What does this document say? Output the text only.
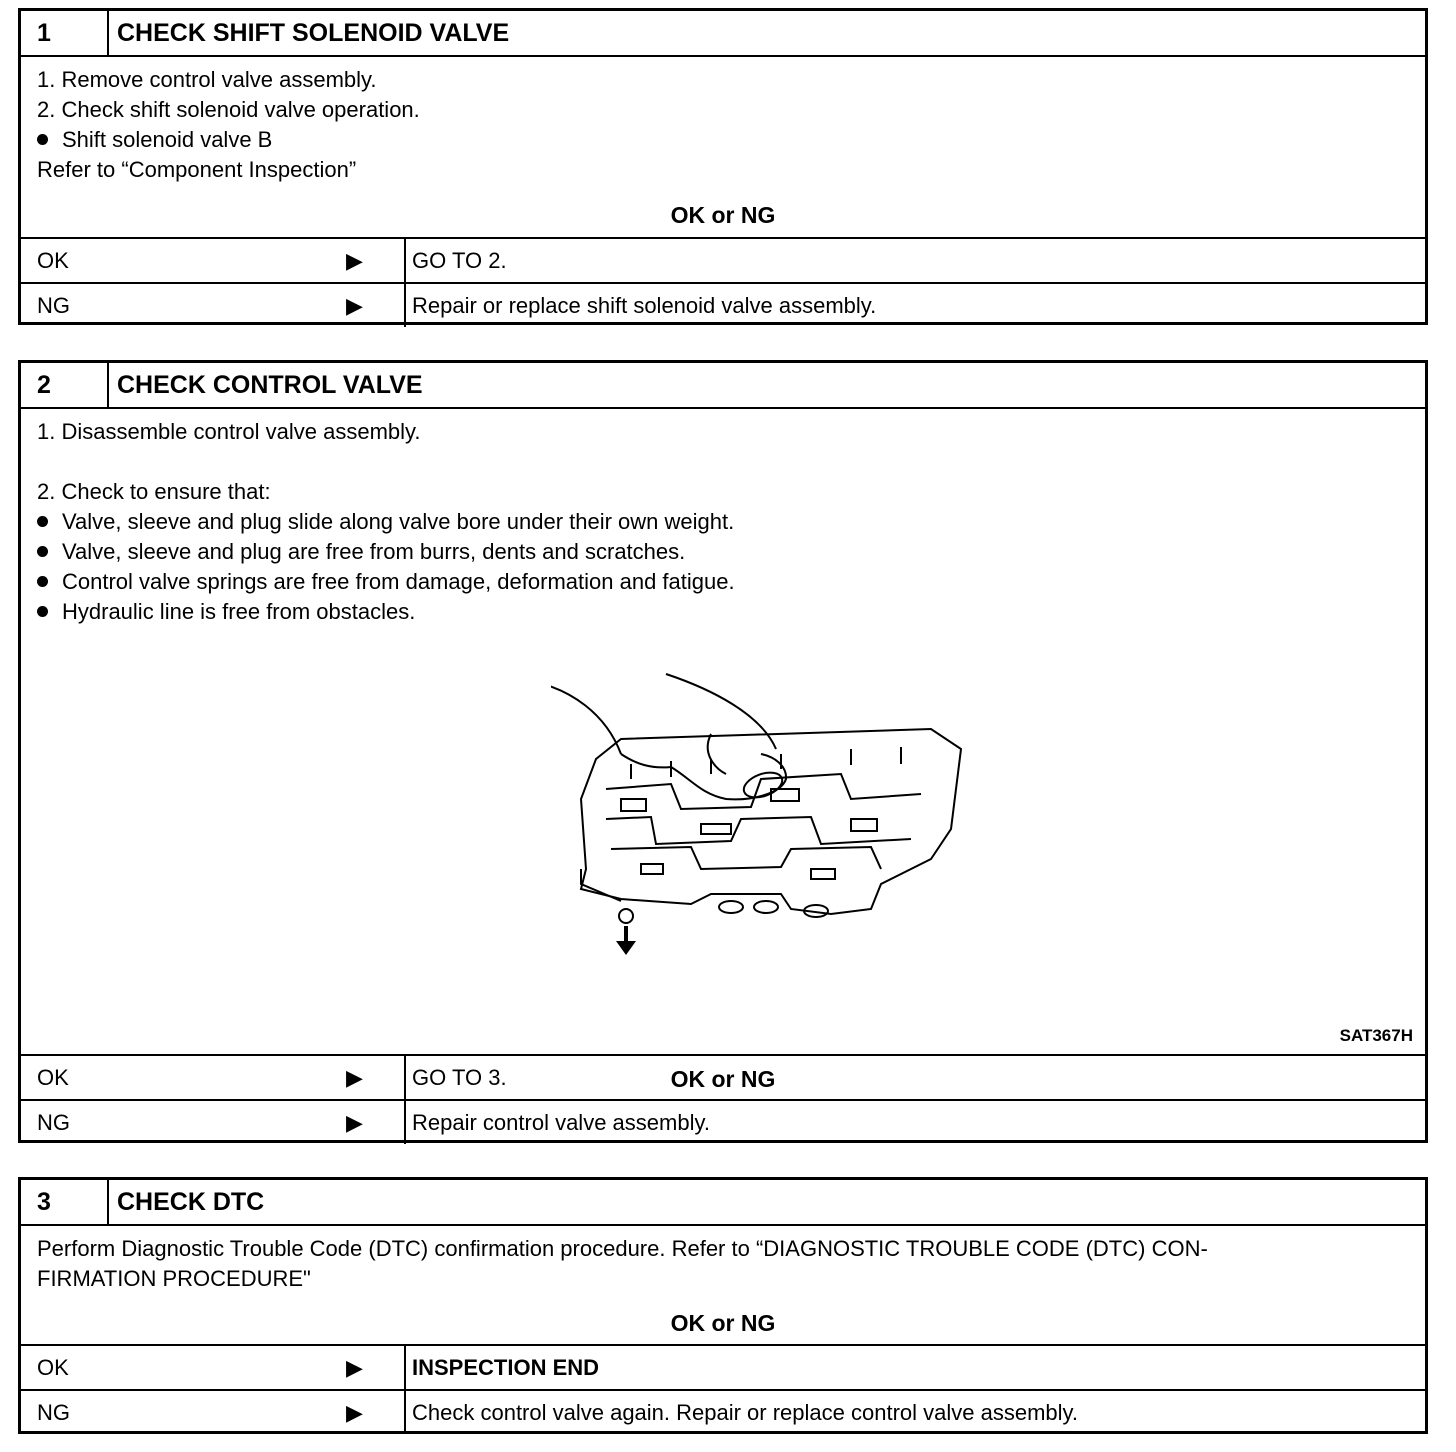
1	CHECK SHIFT SOLENOID VALVE
1. Remove control valve assembly.
2. Check shift solenoid valve operation.
Shift solenoid valve B
Refer to “Component Inspection”
OK or NG
OK	▶ GO TO 2.
NG	▶ Repair or replace shift solenoid valve assembly.
2	CHECK CONTROL VALVE
1. Disassemble control valve assembly.
2. Check to ensure that:
Valve, sleeve and plug slide along valve bore under their own weight.
Valve, sleeve and plug are free from burrs, dents and scratches.
Control valve springs are free from damage, deformation and fatigue.
Hydraulic line is free from obstacles.
SAT367H
OK or NG
OK	▶ GO TO 3.
NG	▶ Repair control valve assembly.
3	CHECK DTC
Perform Diagnostic Trouble Code (DTC) confirmation procedure. Refer to “DIAGNOSTIC TROUBLE CODE (DTC) CON-
FIRMATION PROCEDURE"
OK or NG
OK	▶ INSPECTION END
NG	▶ Check control valve again. Repair or replace control valve assembly.
